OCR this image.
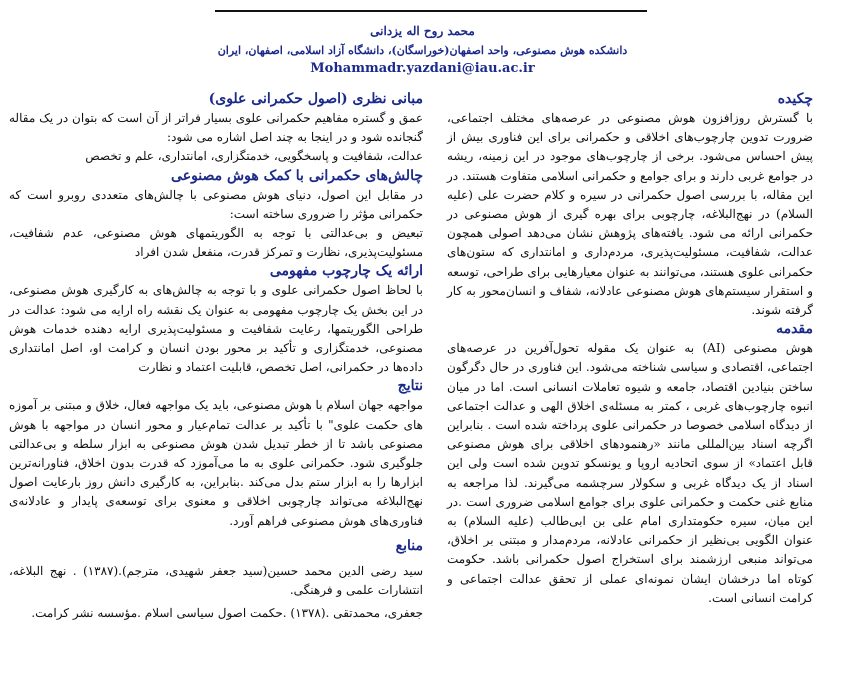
محمد روح اله یزدانی
دانشکده هوش مصنوعی، واحد اصفهان(خوراسگان)، دانشگاه آزاد اسلامی، اصفهان، ایران
Mohammadr.yazdani@iau.ac.ir
چکیده

با گسترش روزافزون هوش مصنوعی در عرصه‌های مختلف اجتماعی، ضرورت تدوین چارچوب‌های اخلاقی و حکمرانی برای این فناوری بیش از پیش احساس می‌شود. برخی از چارچوب‌های موجود در این زمینه، ریشه در جوامع غربی دارند و برای جوامع و حکمرانی اسلامی متفاوت هستند. در این مقاله، با بررسی اصول حکمرانی در سیره و کلام حضرت علی (علیه السلام) در نهج‌البلاغه، چارچوبی برای بهره گیری از هوش مصنوعی در حکمرانی ارائه می شود. یافته‌های پژوهش نشان می‌دهد اصولی همچون عدالت، شفافیت، مسئولیت‌پذیری، مردم‌داری و امانتداری که ستون‌های حکمرانی علوی هستند، می‌توانند به عنوان معیارهایی برای طراحی، توسعه و استقرار سیستم‌های هوش مصنوعی عادلانه، شفاف و انسان‌محور به کار گرفته شوند.

مقدمه

هوش مصنوعی (AI) به عنوان یک مقوله تحول‌آفرین در عرصه‌های اجتماعی، اقتصادی و سیاسی شناخته می‌شود. این فناوری در حال دگرگون ساختن بنیادین اقتصاد، جامعه و شیوه تعاملات انسانی است. اما در میان انبوه چارچوب‌های غربی ، کمتر به مسئله‌ی اخلاق الهی و عدالت اجتماعی از دیدگاه اسلامی خصوصا در حکمرانی علوی پرداخته شده است . بنابراین اگرچه اسناد بین‌المللی مانند «رهنمودهای اخلاقی برای هوش مصنوعی قابل اعتماد» از سوی اتحادیه اروپا و یونسکو تدوین شده است ولی این اسناد از یک دیدگاه غربی و سکولار سرچشمه می‌گیرند. لذا مراجعه به منابع غنی حکمت و حکمرانی علوی برای جوامع اسلامی ضروری است .در این میان، سیره حکومتداری امام علی بن ابی‌طالب (علیه السلام) به عنوان الگویی بی‌نظیر از حکمرانی عادلانه، مردم‌مدار و مبتنی بر اخلاق، می‌تواند منبعی ارزشمند برای استخراج اصول حکمرانی باشد. حکومت کوتاه اما درخشان ایشان نمونه‌ای عملی از تحقق عدالت اجتماعی و کرامت انسانی است.

مبانی نظری (اصول حکمرانی علوی)

عمق و گستره مفاهیم حکمرانی علوی بسیار فراتر از آن است که بتوان در یک مقاله گنجانده شود و در اینجا به چند اصل اشاره می شود:

عدالت، شفافیت و پاسخگویی، خدمتگزاری، امانتداری، علم و تخصص

چالش‌های حکمرانی با کمک هوش مصنوعی

در مقابل این اصول، دنیای هوش مصنوعی با چالش‌های متعددی روبرو است که حکمرانی مؤثر را ضروری ساخته است:

تبعیض و بی‌عدالتی با توجه به الگوریتمهای هوش مصنوعی، عدم شفافیت، مسئولیت‌پذیری، نظارت و تمرکز قدرت، منفعل شدن افراد

ارائه یک چارچوب مفهومی

با لحاظ اصول حکمرانی علوی و با توجه به چالش‌های به کارگیری هوش مصنوعی، در این بخش یک چارچوب مفهومی به عنوان یک نقشه راه ارایه می شود: عدالت در طراحی الگوریتمها، رعایت شفافیت و مسئولیت‌پذیری ارایه دهنده خدمات هوش مصنوعی، خدمتگزاری و تأکید بر محور بودن انسان و کرامت او، اصل امانتداری داده‌ها در حکمرانی، اصل تخصص، قابلیت اعتماد و نظارت

نتایج

مواجهه جهان اسلام با هوش مصنوعی، باید یک مواجهه فعال، خلاق و مبتنی بر آموزه های حکمت علوی" با تأکید بر عدالت تمام‌عیار و محور انسان در مواجهه با هوش مصنوعی باشد تا از خطر تبدیل شدن هوش مصنوعی به ابزار سلطه و بی‌عدالتی جلوگیری شود. حکمرانی علوی به ما می‌آموزد که قدرت بدون اخلاق، فناورانه‌ترین ابزارها را به ابزار ستم بدل می‌کند .بنابراین، به کارگیری دانش روز بارعایت اصول نهج‌البلاغه می‌تواند چارچوبی اخلاقی و معنوی برای توسعه‌ی پایدار و عادلانه‌ی فناوری‌های هوش مصنوعی فراهم آورد.

منابع

سید رضی الدین محمد حسین(سید جعفر شهیدی، مترجم).(۱۳۸۷) . نهج البلاغه، انتشارات علمی و فرهنگی.

جعفری، محمدتقی .(۱۳۷۸) .حکمت اصول سیاسی اسلام .مؤسسه نشر کرامت.
